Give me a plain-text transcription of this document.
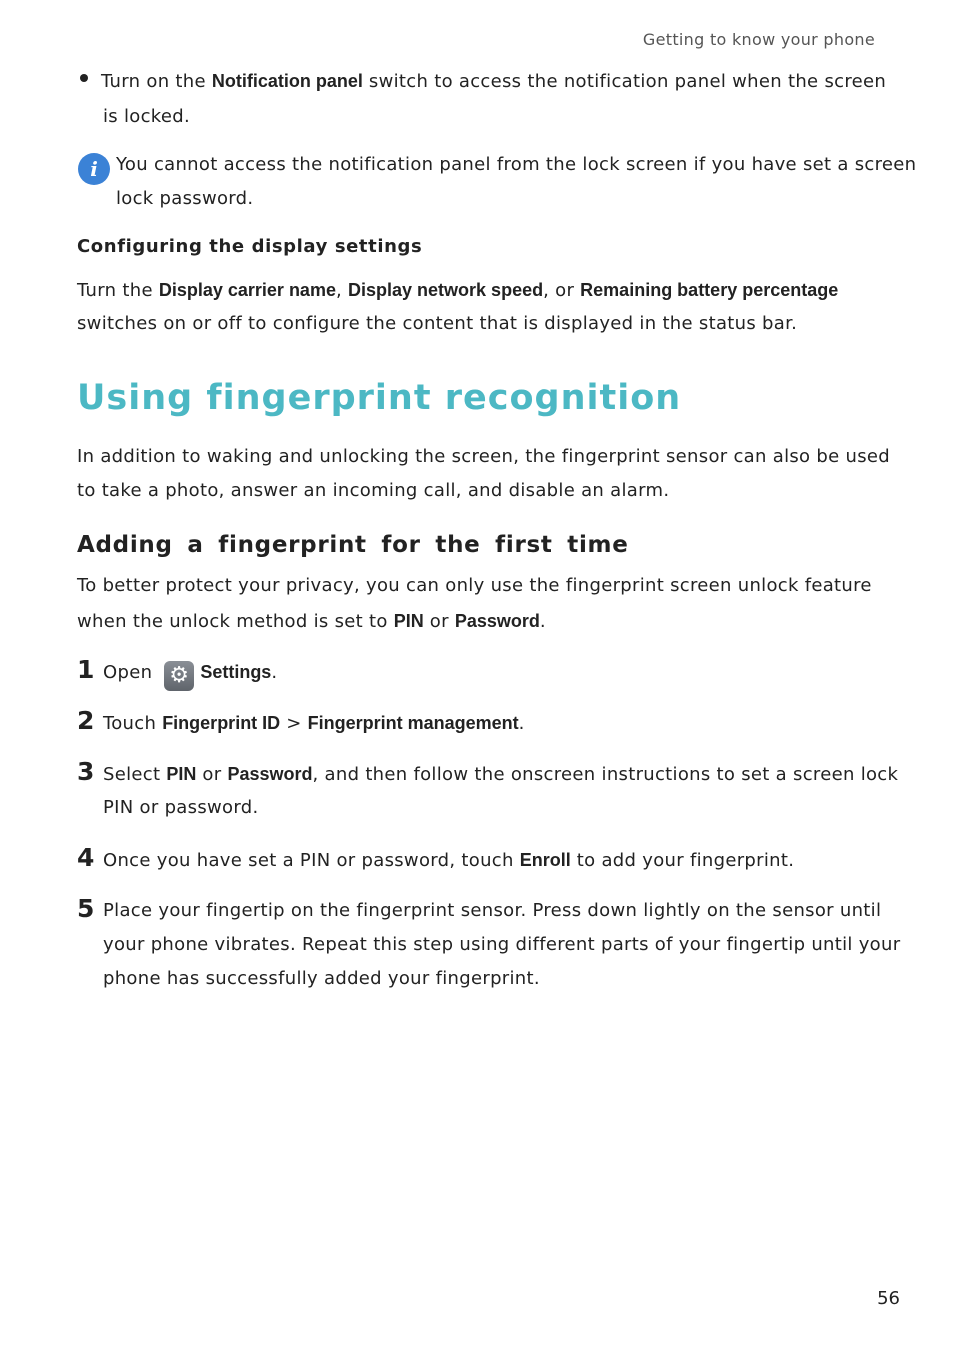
Getting to know your phone
Turn on the Notification panel switch to access the notification panel when the screen
is locked.
i	You cannot access the notification panel from the lock screen if you have set a screen
lock password.
Configuring the display settings
Turn the Display carrier name, Display network speed, or Remaining battery percentage
switches on or off to configure the content that is displayed in the status bar.
Using fingerprint recognition
In addition to waking and unlocking the screen, the fingerprint sensor can also be used
to take a photo, answer an incoming call, and disable an alarm.
Adding a fingerprint for the first time
To better protect your privacy, you can only use the fingerprint screen unlock feature
when the unlock method is set to PIN or Password.
1 Open ⚙ Settings.
2 Touch Fingerprint ID > Fingerprint management.
3 Select PIN or Password, and then follow the onscreen instructions to set a screen lock
PIN or password.
4 Once you have set a PIN or password, touch Enroll to add your fingerprint.
5 Place your fingertip on the fingerprint sensor. Press down lightly on the sensor until
your phone vibrates. Repeat this step using different parts of your fingertip until your
phone has successfully added your fingerprint.
56
